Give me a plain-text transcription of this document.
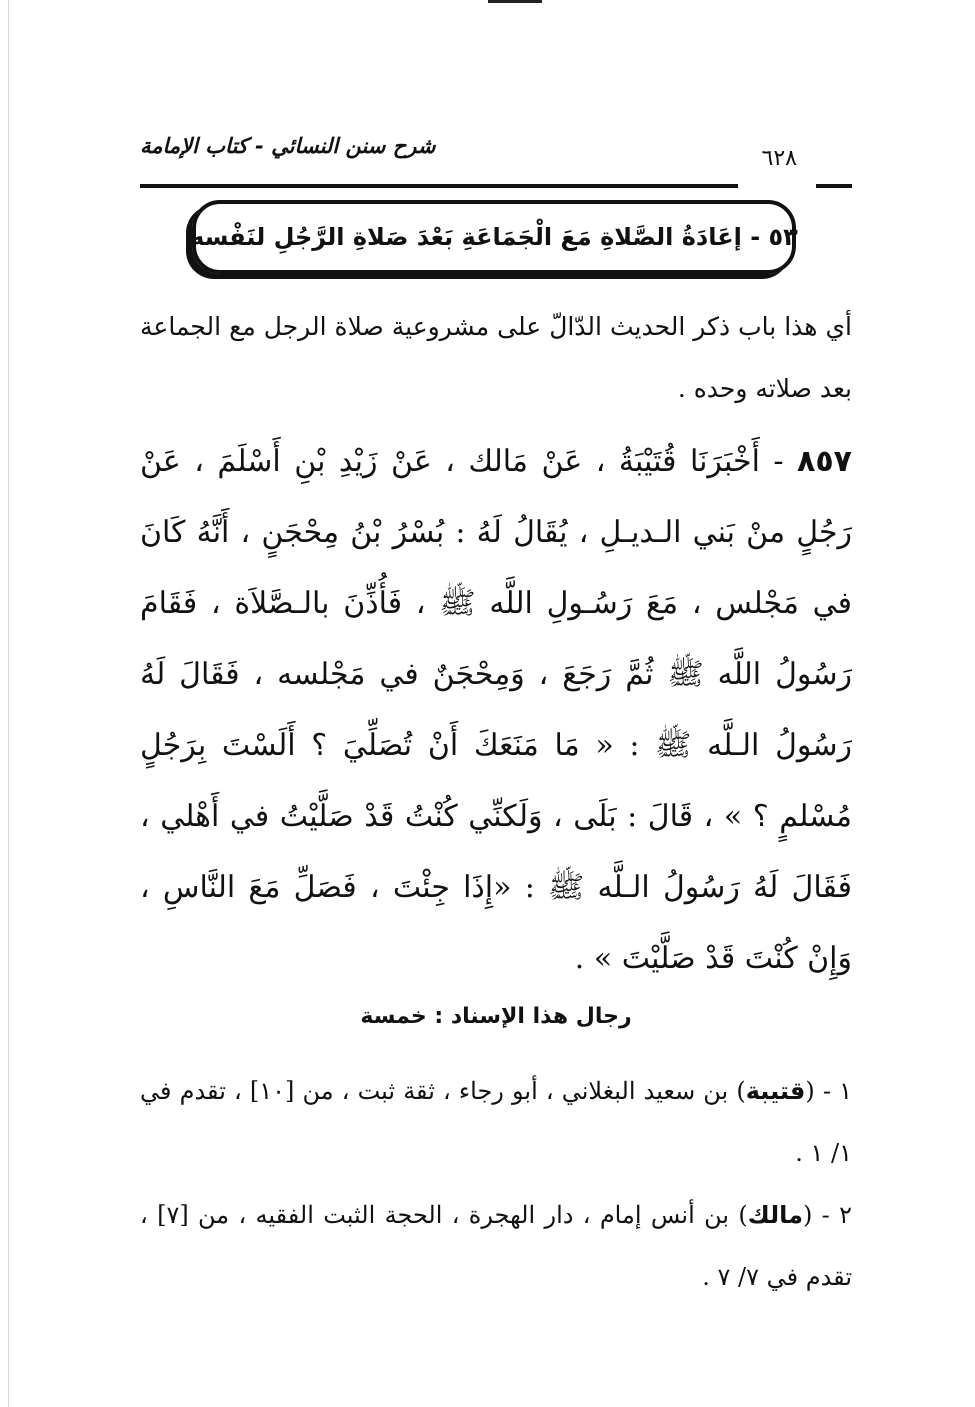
شرح سنن النسائي - كتاب الإمامة	٦٢٨
٥٣ - إعَادَةُ الصَّلاةِ مَعَ الْجَمَاعَةِ بَعْدَ صَلاةِ الرَّجُلِ لنَفْسه
أي هذا باب ذكر الحديث الدّالّ على مشروعية صلاة الرجل مع الجماعة بعد صلاته وحده .
٨٥٧ - أَخْبَرَنَا قُتَيْبَةُ ، عَنْ مَالك ، عَنْ زَيْدِ بْنِ أَسْلَمَ ، عَنْ رَجُلٍ منْ بَني الـديـلِ ، يُقَالُ لَهُ : بُسْرُ بْنُ مِحْجَنٍ ، أَنَّهُ كَانَ في مَجْلس ، مَعَ رَسُـولِ اللَّه ﷺ ، فَأُذِّنَ بالـصَّلاَة ، فَقَامَ رَسُولُ اللَّه ﷺ ثُمَّ رَجَعَ ، وَمِحْجَنٌ في مَجْلسه ، فَقَالَ لَهُ رَسُولُ الـلَّه ﷺ : « مَا مَنَعَكَ أَنْ تُصَلِّيَ ؟ أَلَسْتَ بِرَجُلٍ مُسْلمٍ ؟ » ، قَالَ : بَلَى ، وَلَكنِّي كُنْتُ قَدْ صَلَّيْتُ في أَهْلي ، فَقَالَ لَهُ رَسُولُ الـلَّه ﷺ : «إِذَا جِئْتَ ، فَصَلِّ مَعَ النَّاسِ ، وَإِنْ كُنْتَ قَدْ صَلَّيْتَ » .
رجال هذا الإسناد : خمسة
١ - (قتيبة) بن سعيد البغلاني ، أبو رجاء ، ثقة ثبت ، من [١٠] ، تقدم في ١/ ١ .
٢ - (مالك) بن أنس إمام ، دار الهجرة ، الحجة الثبت الفقيه ، من [٧] ، تقدم في ٧/ ٧ .
